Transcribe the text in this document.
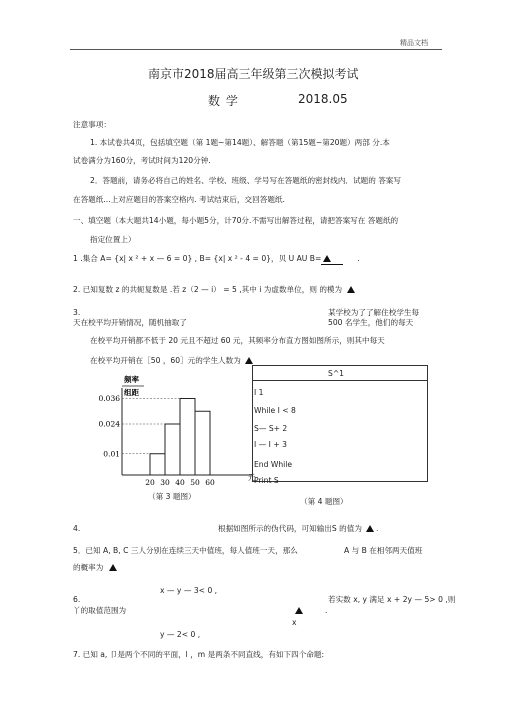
精品文档
南京市2018届高三年级第三次模拟考试
数 学	2018.05
注意事项：
1. 本试卷共4页，包括填空题（第 1题~第14题）、解答题（第15题~第20题）两部 分.本
试卷满分为160分，考试时间为120分钟.
2．答题前，请务必将自己的姓名、学校、班级、学号写在答题纸的密封线内．试题的 答案写
在答题纸...上对应题目的答案空格内. 考试结束后，交回答题纸.
一、填空题（本大题共14小题，每小题5分，计70分.不需写出解答过程，请把答案写在 答题纸的
指定位置上）
1 .集合 A= {x| x ² + x — 6 = 0} , B= {x| x ² - 4 = 0}，贝 U AU B=	.
2. 已知复数 z 的共轭复数是 .若 z（2 — i） = 5 ,其中 i 为虚数单位，则 的模为
3.	某学校为了了解住校学生每
天在校平均开销情况，随机抽取了	500 名学生，他们的每天
在校平均开销都不低于 20 元且不超过 60 元，其频率分布直方图如图所示，则其中每天
在校平均开销在［50 ，60］元的学生人数为
0.036
0.024
0.01
20 30 40 50 60
频率
组距
元
（第 3 题图）
S^1
I 1
While I < 8
S— S+ 2
I — I + 3
End While
Print S
（第 4 题图）
4.	根据如图所示的伪代码，可知输出S 的值为 .
5．已知 A, B, C 三人分别在连续三天中值班，每人值班一天，那么	A 与 B 在相邻两天值班
的概率为
x — y — 3< 0 ,
6.	若实数 x, y 满足 x + 2y — 5> 0 ,则
丫的取值范围为	.
x
y — 2< 0 ,
7. 已知 a, 卩是两个不同的平面，l ，m 是两条不同直线，有如下四个命题:
